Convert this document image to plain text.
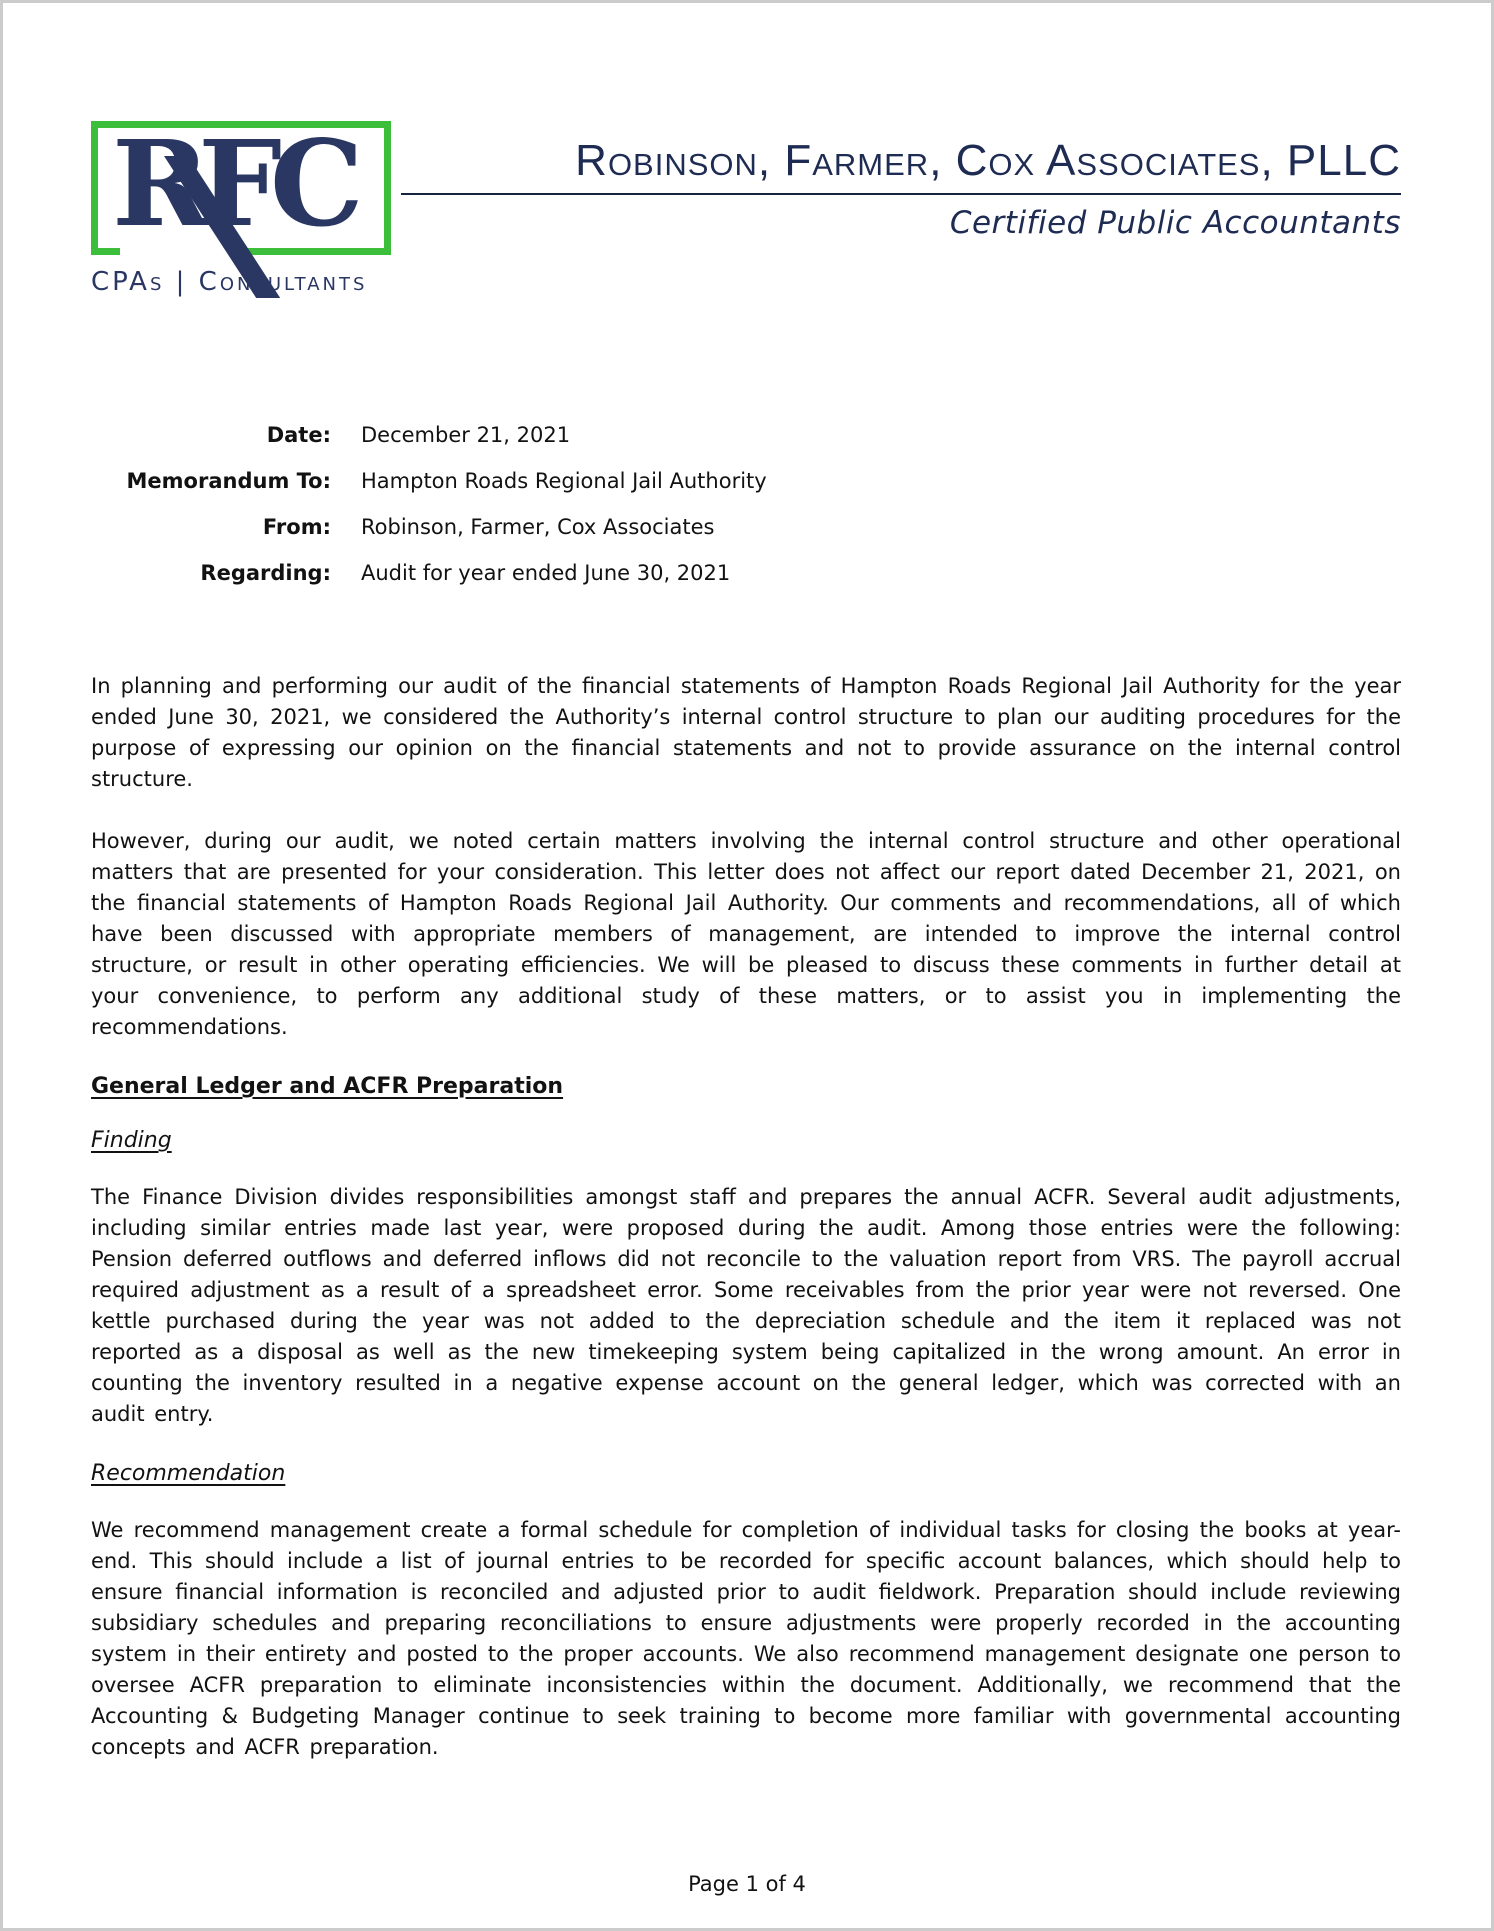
RFC
CPAs | Consultants
Robinson, Farmer, Cox Associates, PLLC
Certified Public Accountants
Date: December 21, 2021
Memorandum To: Hampton Roads Regional Jail Authority
From: Robinson, Farmer, Cox Associates
Regarding: Audit for year ended June 30, 2021

In planning and performing our audit of the financial statements of Hampton Roads Regional Jail Authority for the year ended June 30, 2021, we considered the Authority’s internal control structure to plan our auditing procedures for the purpose of expressing our opinion on the financial statements and not to provide assurance on the internal control structure.

However, during our audit, we noted certain matters involving the internal control structure and other operational matters that are presented for your consideration. This letter does not affect our report dated December 21, 2021, on the financial statements of Hampton Roads Regional Jail Authority. Our comments and recommendations, all of which have been discussed with appropriate members of management, are intended to improve the internal control structure, or result in other operating efficiencies. We will be pleased to discuss these comments in further detail at your convenience, to perform any additional study of these matters, or to assist you in implementing the recommendations.

General Ledger and ACFR Preparation
Finding

The Finance Division divides responsibilities amongst staff and prepares the annual ACFR. Several audit adjustments, including similar entries made last year, were proposed during the audit. Among those entries were the following: Pension deferred outflows and deferred inflows did not reconcile to the valuation report from VRS. The payroll accrual required adjustment as a result of a spreadsheet error. Some receivables from the prior year were not reversed. One kettle purchased during the year was not added to the depreciation schedule and the item it replaced was not reported as a disposal as well as the new timekeeping system being capitalized in the wrong amount. An error in counting the inventory resulted in a negative expense account on the general ledger, which was corrected with an audit entry.

Recommendation

We recommend management create a formal schedule for completion of individual tasks for closing the books at year-end. This should include a list of journal entries to be recorded for specific account balances, which should help to ensure financial information is reconciled and adjusted prior to audit fieldwork. Preparation should include reviewing subsidiary schedules and preparing reconciliations to ensure adjustments were properly recorded in the accounting system in their entirety and posted to the proper accounts. We also recommend management designate one person to oversee ACFR preparation to eliminate inconsistencies within the document. Additionally, we recommend that the Accounting & Budgeting Manager continue to seek training to become more familiar with governmental accounting concepts and ACFR preparation.

Page 1 of 4
